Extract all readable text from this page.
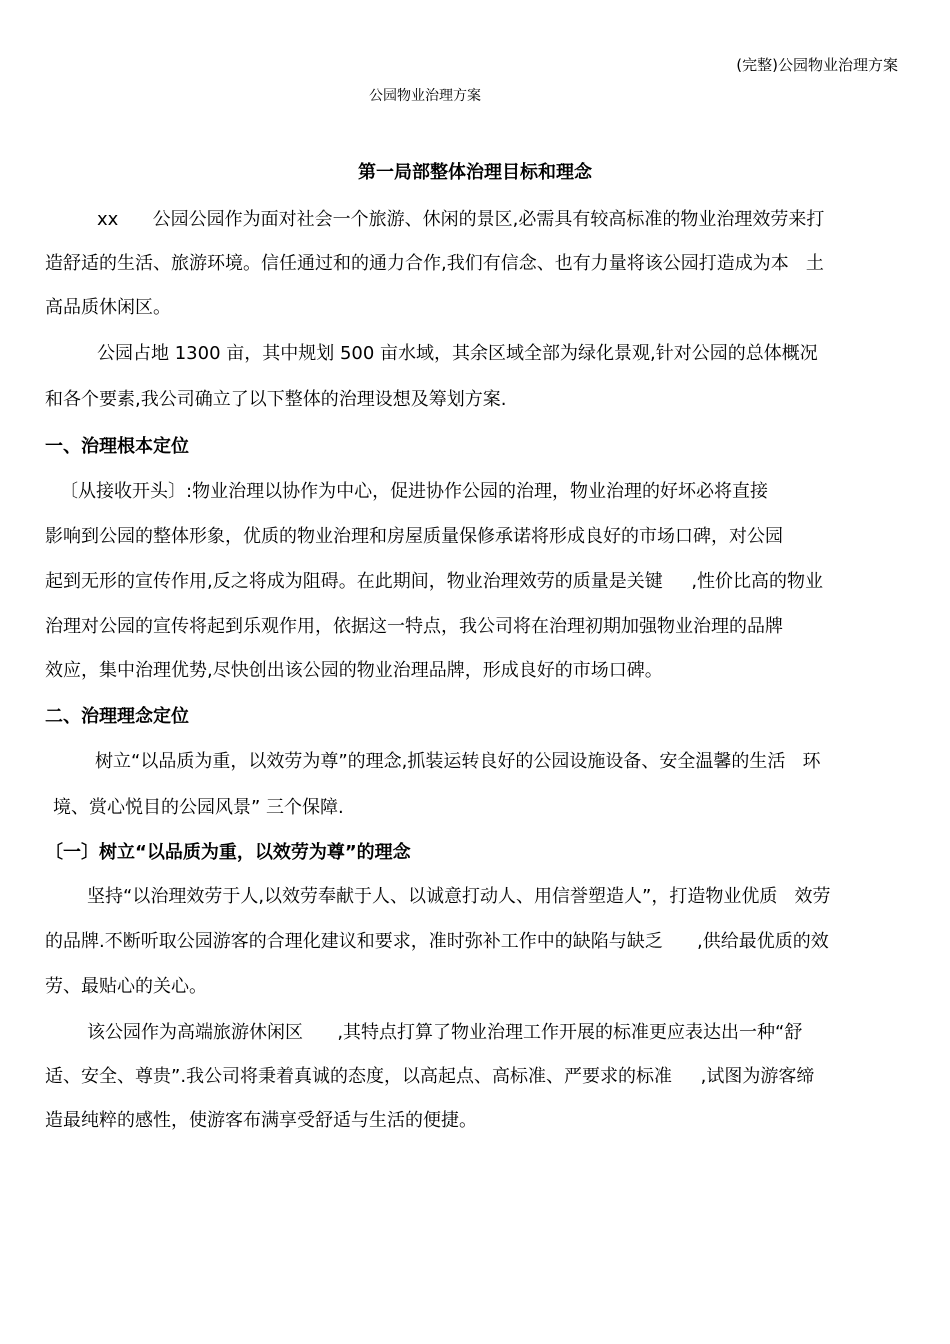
(完整)公园物业治理方案
公园物业治理方案
第一局部整体治理目标和理念
xx      公园公园作为面对社会一个旅游、休闲的景区,必需具有较高标准的物业治理效劳来打
造舒适的生活、旅游环境。信任通过和的通力合作,我们有信念、也有力量将该公园打造成为本   土
高品质休闲区。
公园占地 1300 亩，其中规划 500 亩水域，其余区域全部为绿化景观,针对公园的总体概况
和各个要素,我公司确立了以下整体的治理设想及筹划方案.
一、治理根本定位
〔从接收开头〕:物业治理以协作为中心，促进协作公园的治理，物业治理的好坏必将直接
影响到公园的整体形象，优质的物业治理和房屋质量保修承诺将形成良好的市场口碑，对公园
起到无形的宣传作用,反之将成为阻碍。在此期间，物业治理效劳的质量是关键     ,性价比高的物业
治理对公园的宣传将起到乐观作用，依据这一特点，我公司将在治理初期加强物业治理的品牌
效应，集中治理优势,尽快创出该公园的物业治理品牌，形成良好的市场口碑。
二、治理理念定位
树立“以品质为重，以效劳为尊”的理念,抓装运转良好的公园设施设备、安全温馨的生活   环
境、赏心悦目的公园风景” 三个保障.
〔一〕树立“以品质为重，以效劳为尊”的理念
坚持“以治理效劳于人,以效劳奉献于人、以诚意打动人、用信誉塑造人”，打造物业优质   效劳
的品牌.不断听取公园游客的合理化建议和要求，准时弥补工作中的缺陷与缺乏      ,供给最优质的效
劳、最贴心的关心。
该公园作为高端旅游休闲区      ,其特点打算了物业治理工作开展的标准更应表达出一种“舒
适、安全、尊贵”.我公司将秉着真诚的态度，以高起点、高标准、严要求的标准     ,试图为游客缔
造最纯粹的感性，使游客布满享受舒适与生活的便捷。
